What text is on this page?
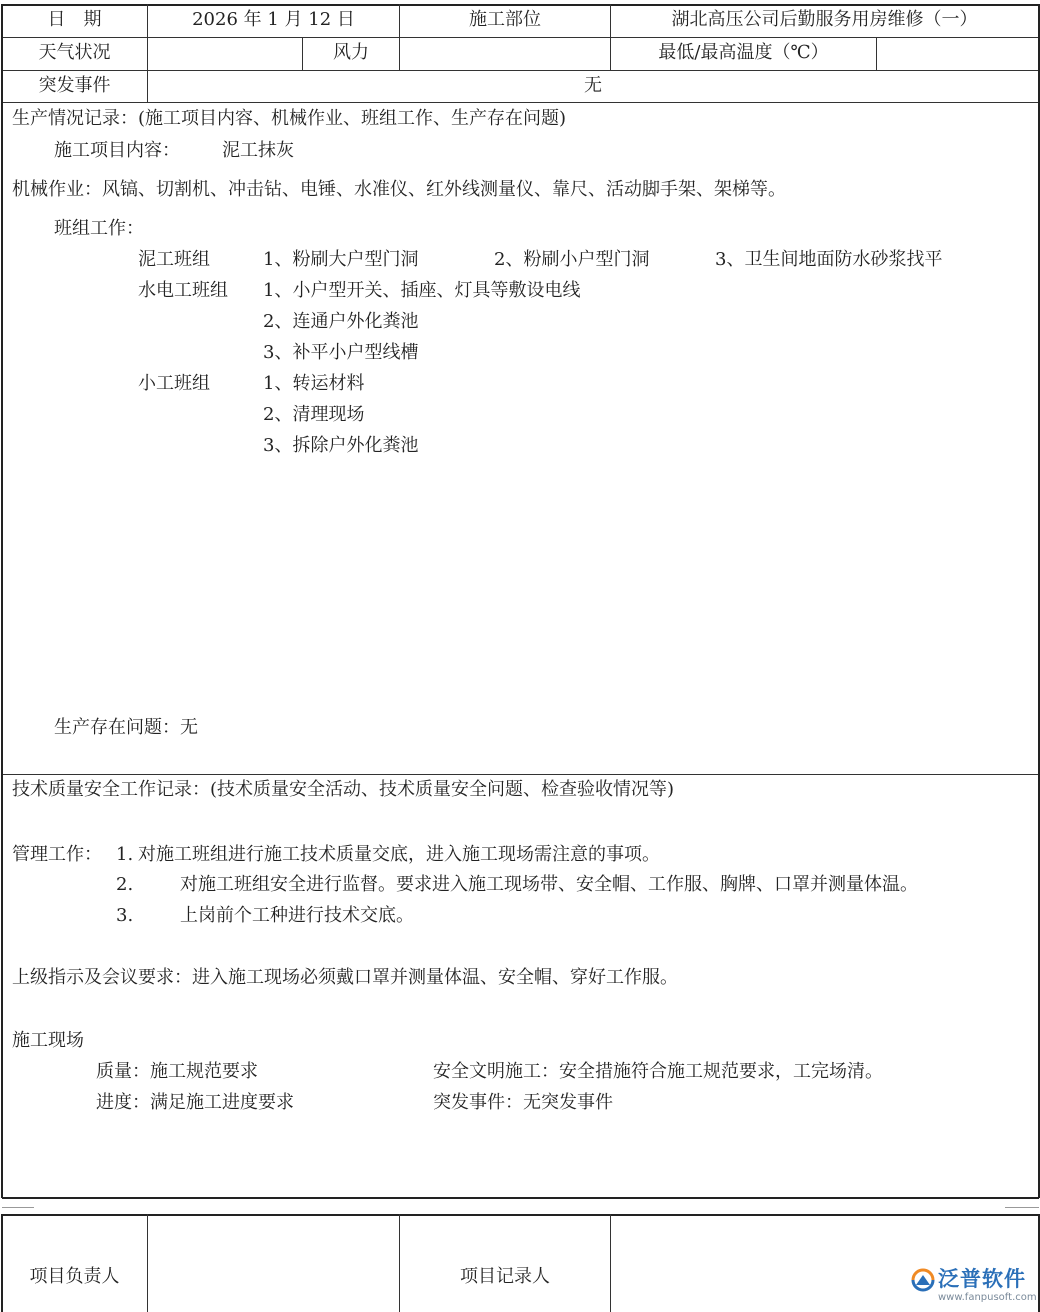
日　期	2026 年 1 月 12 日	施工部位	湖北高压公司后勤服务用房维修（一）
天气状况	风力	最低/最高温度（℃）
突发事件	无
生产情况记录：(施工项目内容、机械作业、班组工作、生产存在问题)
施工项目内容： 泥工抹灰
机械作业：风镐、切割机、冲击钻、电锤、水准仪、红外线测量仪、靠尺、活动脚手架、架梯等。
班组工作：
泥工班组	1、粉刷大户型门洞	2、粉刷小户型门洞	3、卫生间地面防水砂浆找平
水电工班组 1、小户型开关、插座、灯具等敷设电线
2、连通户外化粪池
3、补平小户型线槽
小工班组	1、转运材料
2、清理现场
3、拆除户外化粪池
生产存在问题：无
技术质量安全工作记录：(技术质量安全活动、技术质量安全问题、检查验收情况等)
管理工作： 1. 对施工班组进行施工技术质量交底，进入施工现场需注意的事项。
2.	对施工班组安全进行监督。要求进入施工现场带、安全帽、工作服、胸牌、口罩并测量体温。
3.	上岗前个工种进行技术交底。
上级指示及会议要求：进入施工现场必须戴口罩并测量体温、安全帽、穿好工作服。
施工现场
质量：施工规范要求	安全文明施工：安全措施符合施工规范要求，工完场清。
进度：满足施工进度要求	突发事件：无突发事件
项目负责人	项目记录人	泛普软件
www.fanpusoft.com
